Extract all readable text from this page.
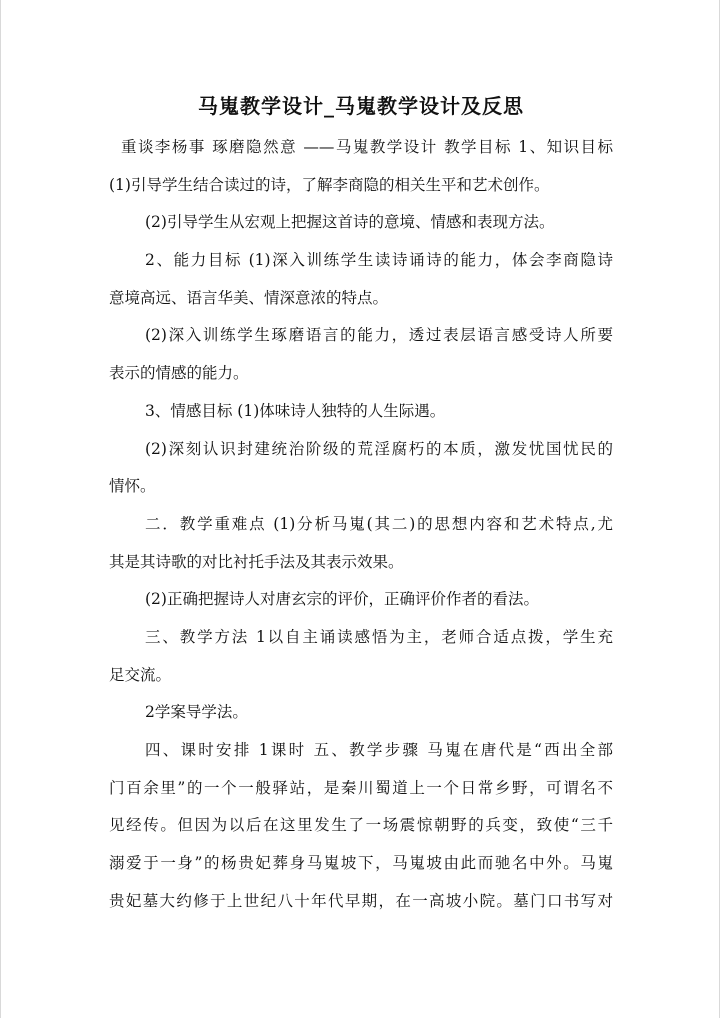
马嵬教学设计_马嵬教学设计及反思
重谈李杨事 琢磨隐然意 ——马嵬教学设计 教学目标 1、知识目标
(1)引导学生结合读过的诗，了解李商隐的相关生平和艺术创作。
(2)引导学生从宏观上把握这首诗的意境、情感和表现方法。
2、能力目标 (1)深入训练学生读诗诵诗的能力，体会李商隐诗
意境高远、语言华美、情深意浓的特点。
(2)深入训练学生琢磨语言的能力，透过表层语言感受诗人所要
表示的情感的能力。
3、情感目标 (1)体味诗人独特的人生际遇。
(2)深刻认识封建统治阶级的荒淫腐朽的本质，激发忧国忧民的
情怀。
二．教学重难点 (1)分析马嵬(其二)的思想内容和艺术特点,尤
其是其诗歌的对比衬托手法及其表示效果。
(2)正确把握诗人对唐玄宗的评价，正确评价作者的看法。
三、教学方法 1以自主诵读感悟为主，老师合适点拨，学生充
足交流。
2学案导学法。
四、课时安排 1课时 五、教学步骤 马嵬在唐代是“西出全部
门百余里”的一个一般驿站，是秦川蜀道上一个日常乡野，可谓名不
见经传。但因为以后在这里发生了一场震惊朝野的兵变，致使“三千
溺爱于一身”的杨贵妃葬身马嵬坡下，马嵬坡由此而驰名中外。马嵬
贵妃墓大约修于上世纪八十年代早期，在一高坡小院。墓门口书写对
